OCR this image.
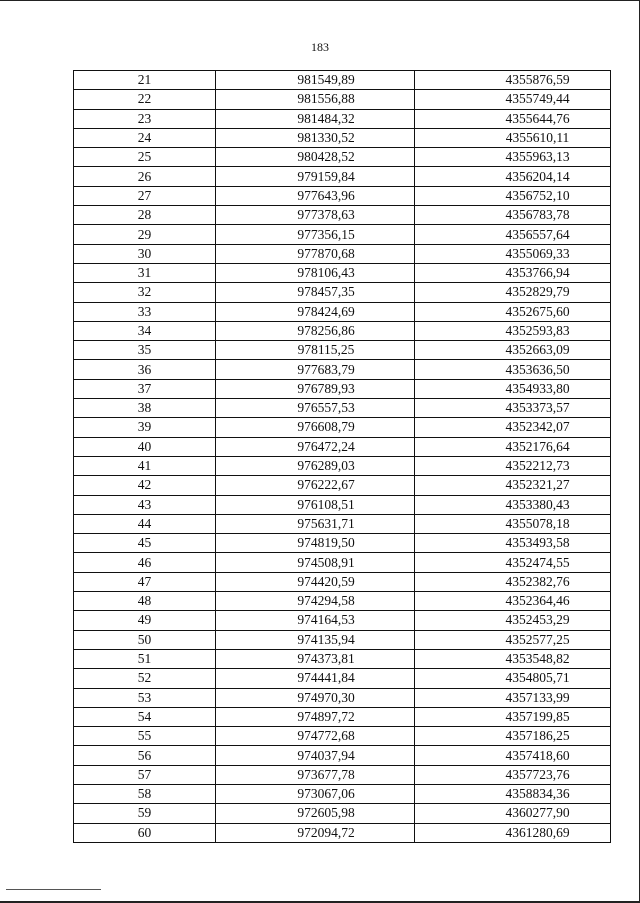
183
21	981549,89	4355876,59
22	981556,88	4355749,44
23	981484,32	4355644,76
24	981330,52	4355610,11
25	980428,52	4355963,13
26	979159,84	4356204,14
27	977643,96	4356752,10
28	977378,63	4356783,78
29	977356,15	4356557,64
30	977870,68	4355069,33
31	978106,43	4353766,94
32	978457,35	4352829,79
33	978424,69	4352675,60
34	978256,86	4352593,83
35	978115,25	4352663,09
36	977683,79	4353636,50
37	976789,93	4354933,80
38	976557,53	4353373,57
39	976608,79	4352342,07
40	976472,24	4352176,64
41	976289,03	4352212,73
42	976222,67	4352321,27
43	976108,51	4353380,43
44	975631,71	4355078,18
45	974819,50	4353493,58
46	974508,91	4352474,55
47	974420,59	4352382,76
48	974294,58	4352364,46
49	974164,53	4352453,29
50	974135,94	4352577,25
51	974373,81	4353548,82
52	974441,84	4354805,71
53	974970,30	4357133,99
54	974897,72	4357199,85
55	974772,68	4357186,25
56	974037,94	4357418,60
57	973677,78	4357723,76
58	973067,06	4358834,36
59	972605,98	4360277,90
60	972094,72	4361280,69
